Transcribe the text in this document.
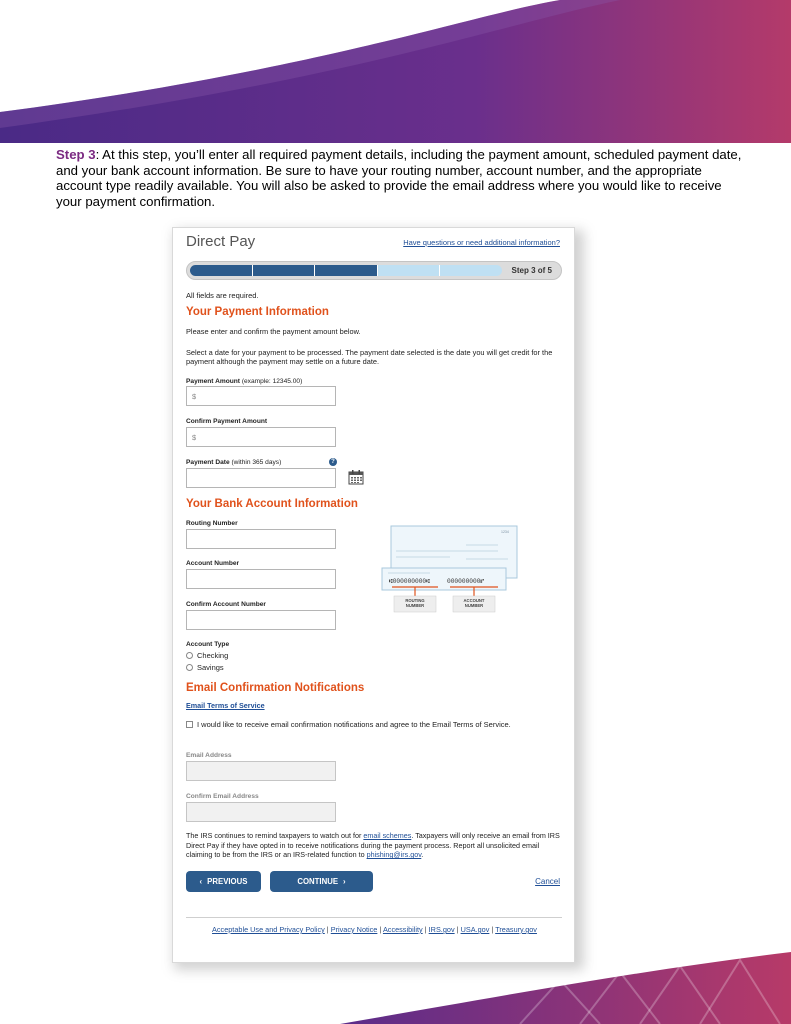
Step 3: At this step, you’ll enter all required payment details, including the payment amount, scheduled payment date, and your bank account information. Be sure to have your routing number, account number, and the appropriate account type readily available. You will also be asked to provide the email address where you would like to receive your payment confirmation.
Direct Pay	Have questions or need additional information?
Step 3 of 5
All fields are required.
Your Payment Information
Please enter and confirm the payment amount below.
Select a date for your payment to be processed. The payment date selected is the date you will get credit for the payment although the payment may settle on a future date.
Payment Amount (example: 12345.00)
$
Confirm Payment Amount
$
Payment Date (within 365 days)	?
Your Bank Account Information
Routing Number
Account Number
Confirm Account Number
Account Type
Checking
Savings
1234
⑆000000000⑆	000000000⑈
ROUTING
NUMBER
ACCOUNT
NUMBER
Email Confirmation Notifications
Email Terms of Service
I would like to receive email confirmation notifications and agree to the Email Terms of Service.
Email Address
Confirm Email Address
The IRS continues to remind taxpayers to watch out for email schemes. Taxpayers will only receive an email from IRS Direct Pay if they have opted in to receive notifications during the payment process. Report all unsolicited email claiming to be from the IRS or an IRS-related function to phishing@irs.gov.
‹ PREVIOUS	CONTINUE ›	Cancel
Acceptable Use and Privacy Policy | Privacy Notice | Accessibility | IRS.gov | USA.gov | Treasury.gov
